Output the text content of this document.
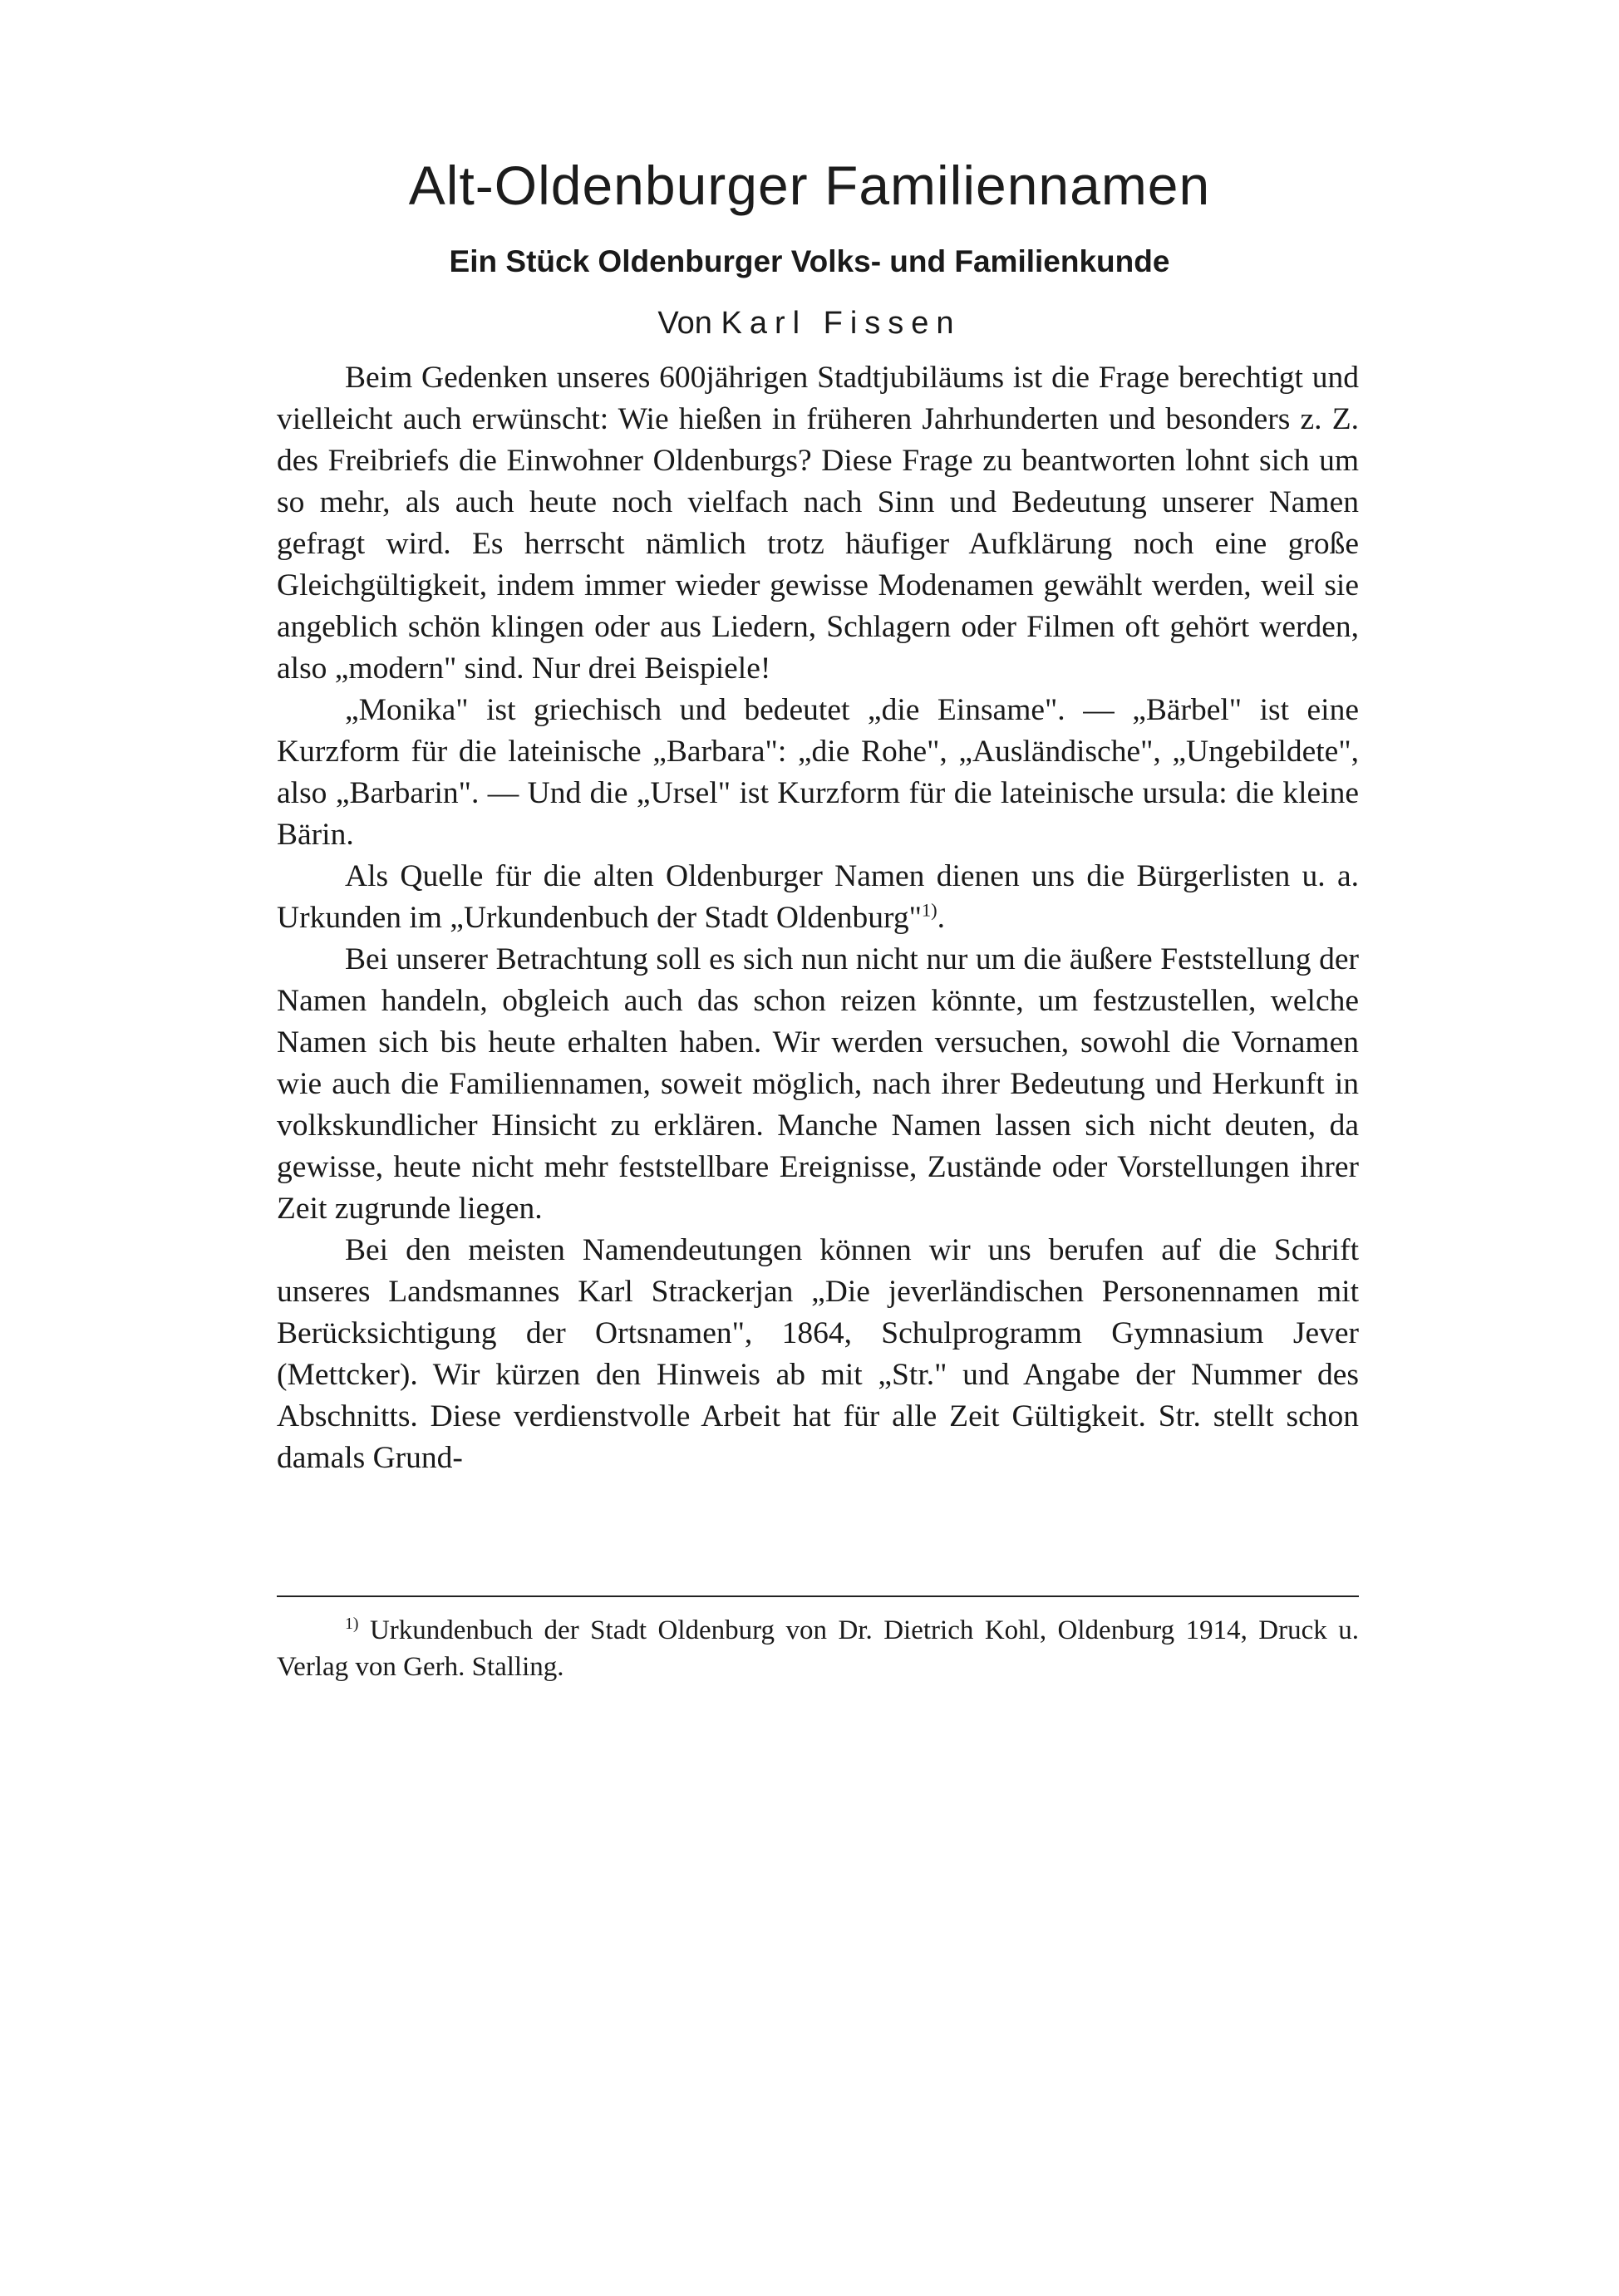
Alt-Oldenburger Familiennamen
Ein Stück Oldenburger Volks- und Familienkunde
Von Karl Fissen

Beim Gedenken unseres 600jährigen Stadtjubiläums ist die Frage berechtigt und vielleicht auch erwünscht: Wie hießen in früheren Jahrhunderten und besonders z. Z. des Freibriefs die Einwohner Oldenburgs? Diese Frage zu beantworten lohnt sich um so mehr, als auch heute noch vielfach nach Sinn und Bedeutung unserer Namen gefragt wird. Es herrscht nämlich trotz häufiger Aufklärung noch eine große Gleichgültigkeit, indem immer wieder gewisse Modenamen gewählt werden, weil sie angeblich schön klingen oder aus Liedern, Schlagern oder Filmen oft gehört werden, also „modern" sind. Nur drei Beispiele!

„Monika" ist griechisch und bedeutet „die Einsame". — „Bärbel" ist eine Kurzform für die lateinische „Barbara": „die Rohe", „Ausländische", „Ungebildete", also „Barbarin". — Und die „Ursel" ist Kurzform für die lateinische ursula: die kleine Bärin.

Als Quelle für die alten Oldenburger Namen dienen uns die Bürgerlisten u. a. Urkunden im „Urkundenbuch der Stadt Oldenburg"$^{1)}$.

Bei unserer Betrachtung soll es sich nun nicht nur um die äußere Feststellung der Namen handeln, obgleich auch das schon reizen könnte, um festzustellen, welche Namen sich bis heute erhalten haben. Wir werden versuchen, sowohl die Vornamen wie auch die Familiennamen, soweit möglich, nach ihrer Bedeutung und Herkunft in volkskundlicher Hinsicht zu erklären. Manche Namen lassen sich nicht deuten, da gewisse, heute nicht mehr feststellbare Ereignisse, Zustände oder Vorstellungen ihrer Zeit zugrunde liegen.

Bei den meisten Namendeutungen können wir uns berufen auf die Schrift unseres Landsmannes Karl Strackerjan „Die jeverländischen Personennamen mit Berücksichtigung der Ortsnamen", 1864, Schulprogramm Gymnasium Jever (Mettcker). Wir kürzen den Hinweis ab mit „Str." und Angabe der Nummer des Abschnitts. Diese verdienstvolle Arbeit hat für alle Zeit Gültigkeit. Str. stellt schon damals Grund-

$^{1)}$ Urkundenbuch der Stadt Oldenburg von Dr. Dietrich Kohl, Oldenburg 1914, Druck u. Verlag von Gerh. Stalling.
